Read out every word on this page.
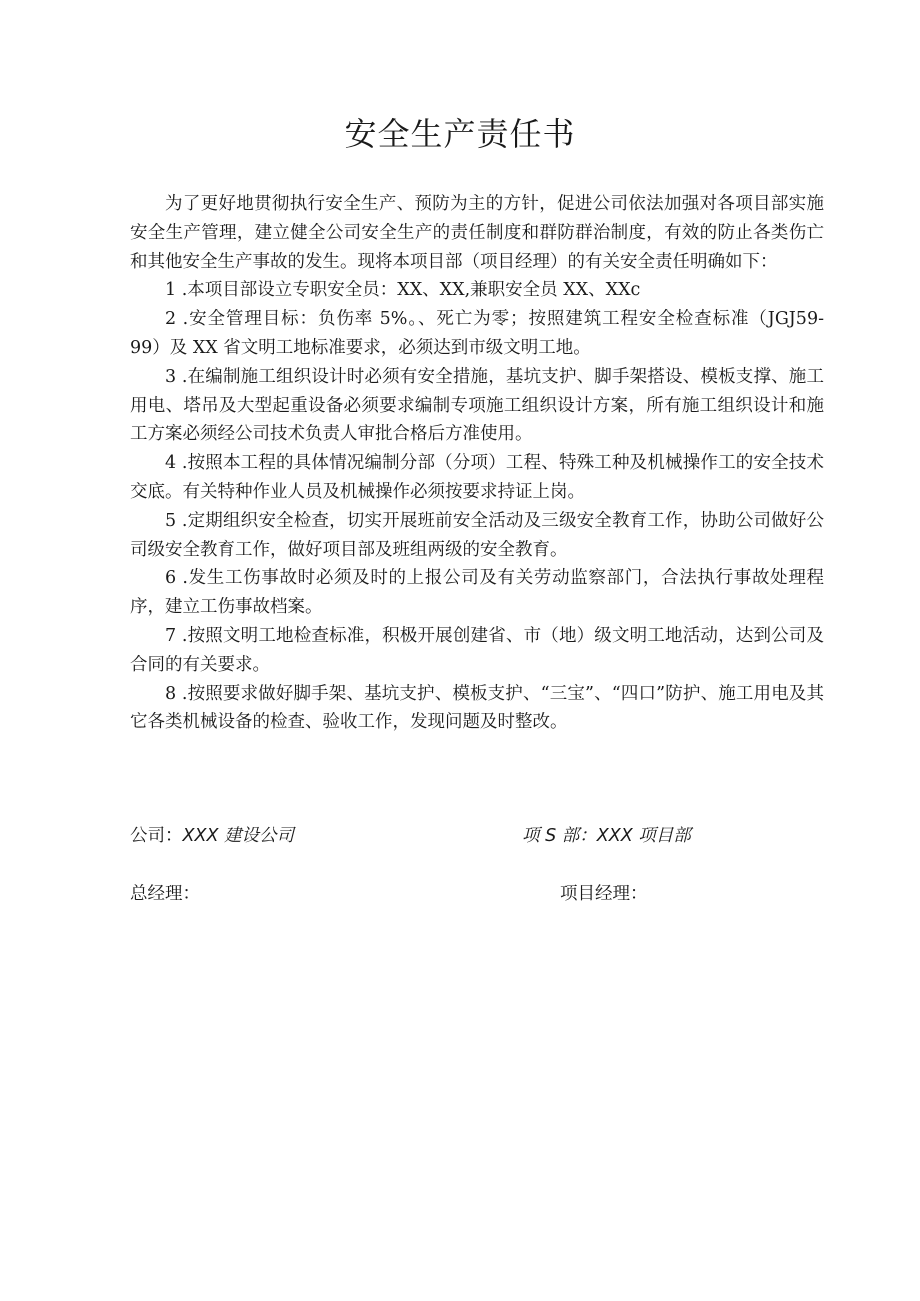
安全生产责任书

为了更好地贯彻执行安全生产、预防为主的方针，促进公司依法加强对各项目部实施安全生产管理，建立健全公司安全生产的责任制度和群防群治制度，有效的防止各类伤亡和其他安全生产事故的发生。现将本项目部（项目经理）的有关安全责任明确如下：

1 .本项目部设立专职安全员：XX、XX,兼职安全员 XX、XXc

2 .安全管理目标：负伤率 5%。、死亡为零；按照建筑工程安全检查标准（JGJ59-99）及 XX 省文明工地标准要求，必须达到市级文明工地。

3 .在编制施工组织设计时必须有安全措施，基坑支护、脚手架搭设、模板支撑、施工用电、塔吊及大型起重设备必须要求编制专项施工组织设计方案，所有施工组织设计和施工方案必须经公司技术负责人审批合格后方准使用。

4 .按照本工程的具体情况编制分部（分项）工程、特殊工种及机械操作工的安全技术交底。有关特种作业人员及机械操作必须按要求持证上岗。

5 .定期组织安全检查，切实开展班前安全活动及三级安全教育工作，协助公司做好公司级安全教育工作，做好项目部及班组两级的安全教育。

6 .发生工伤事故时必须及时的上报公司及有关劳动监察部门，合法执行事故处理程序，建立工伤事故档案。

7 .按照文明工地检查标准，积极开展创建省、市（地）级文明工地活动，达到公司及合同的有关要求。

8 .按照要求做好脚手架、基坑支护、模板支护、“三宝”、“四口”防护、施工用电及其它各类机械设备的检查、验收工作，发现问题及时整改。

公司：XXX 建设公司	项 S 部：XXX 项目部
总经理：	项目经理：
